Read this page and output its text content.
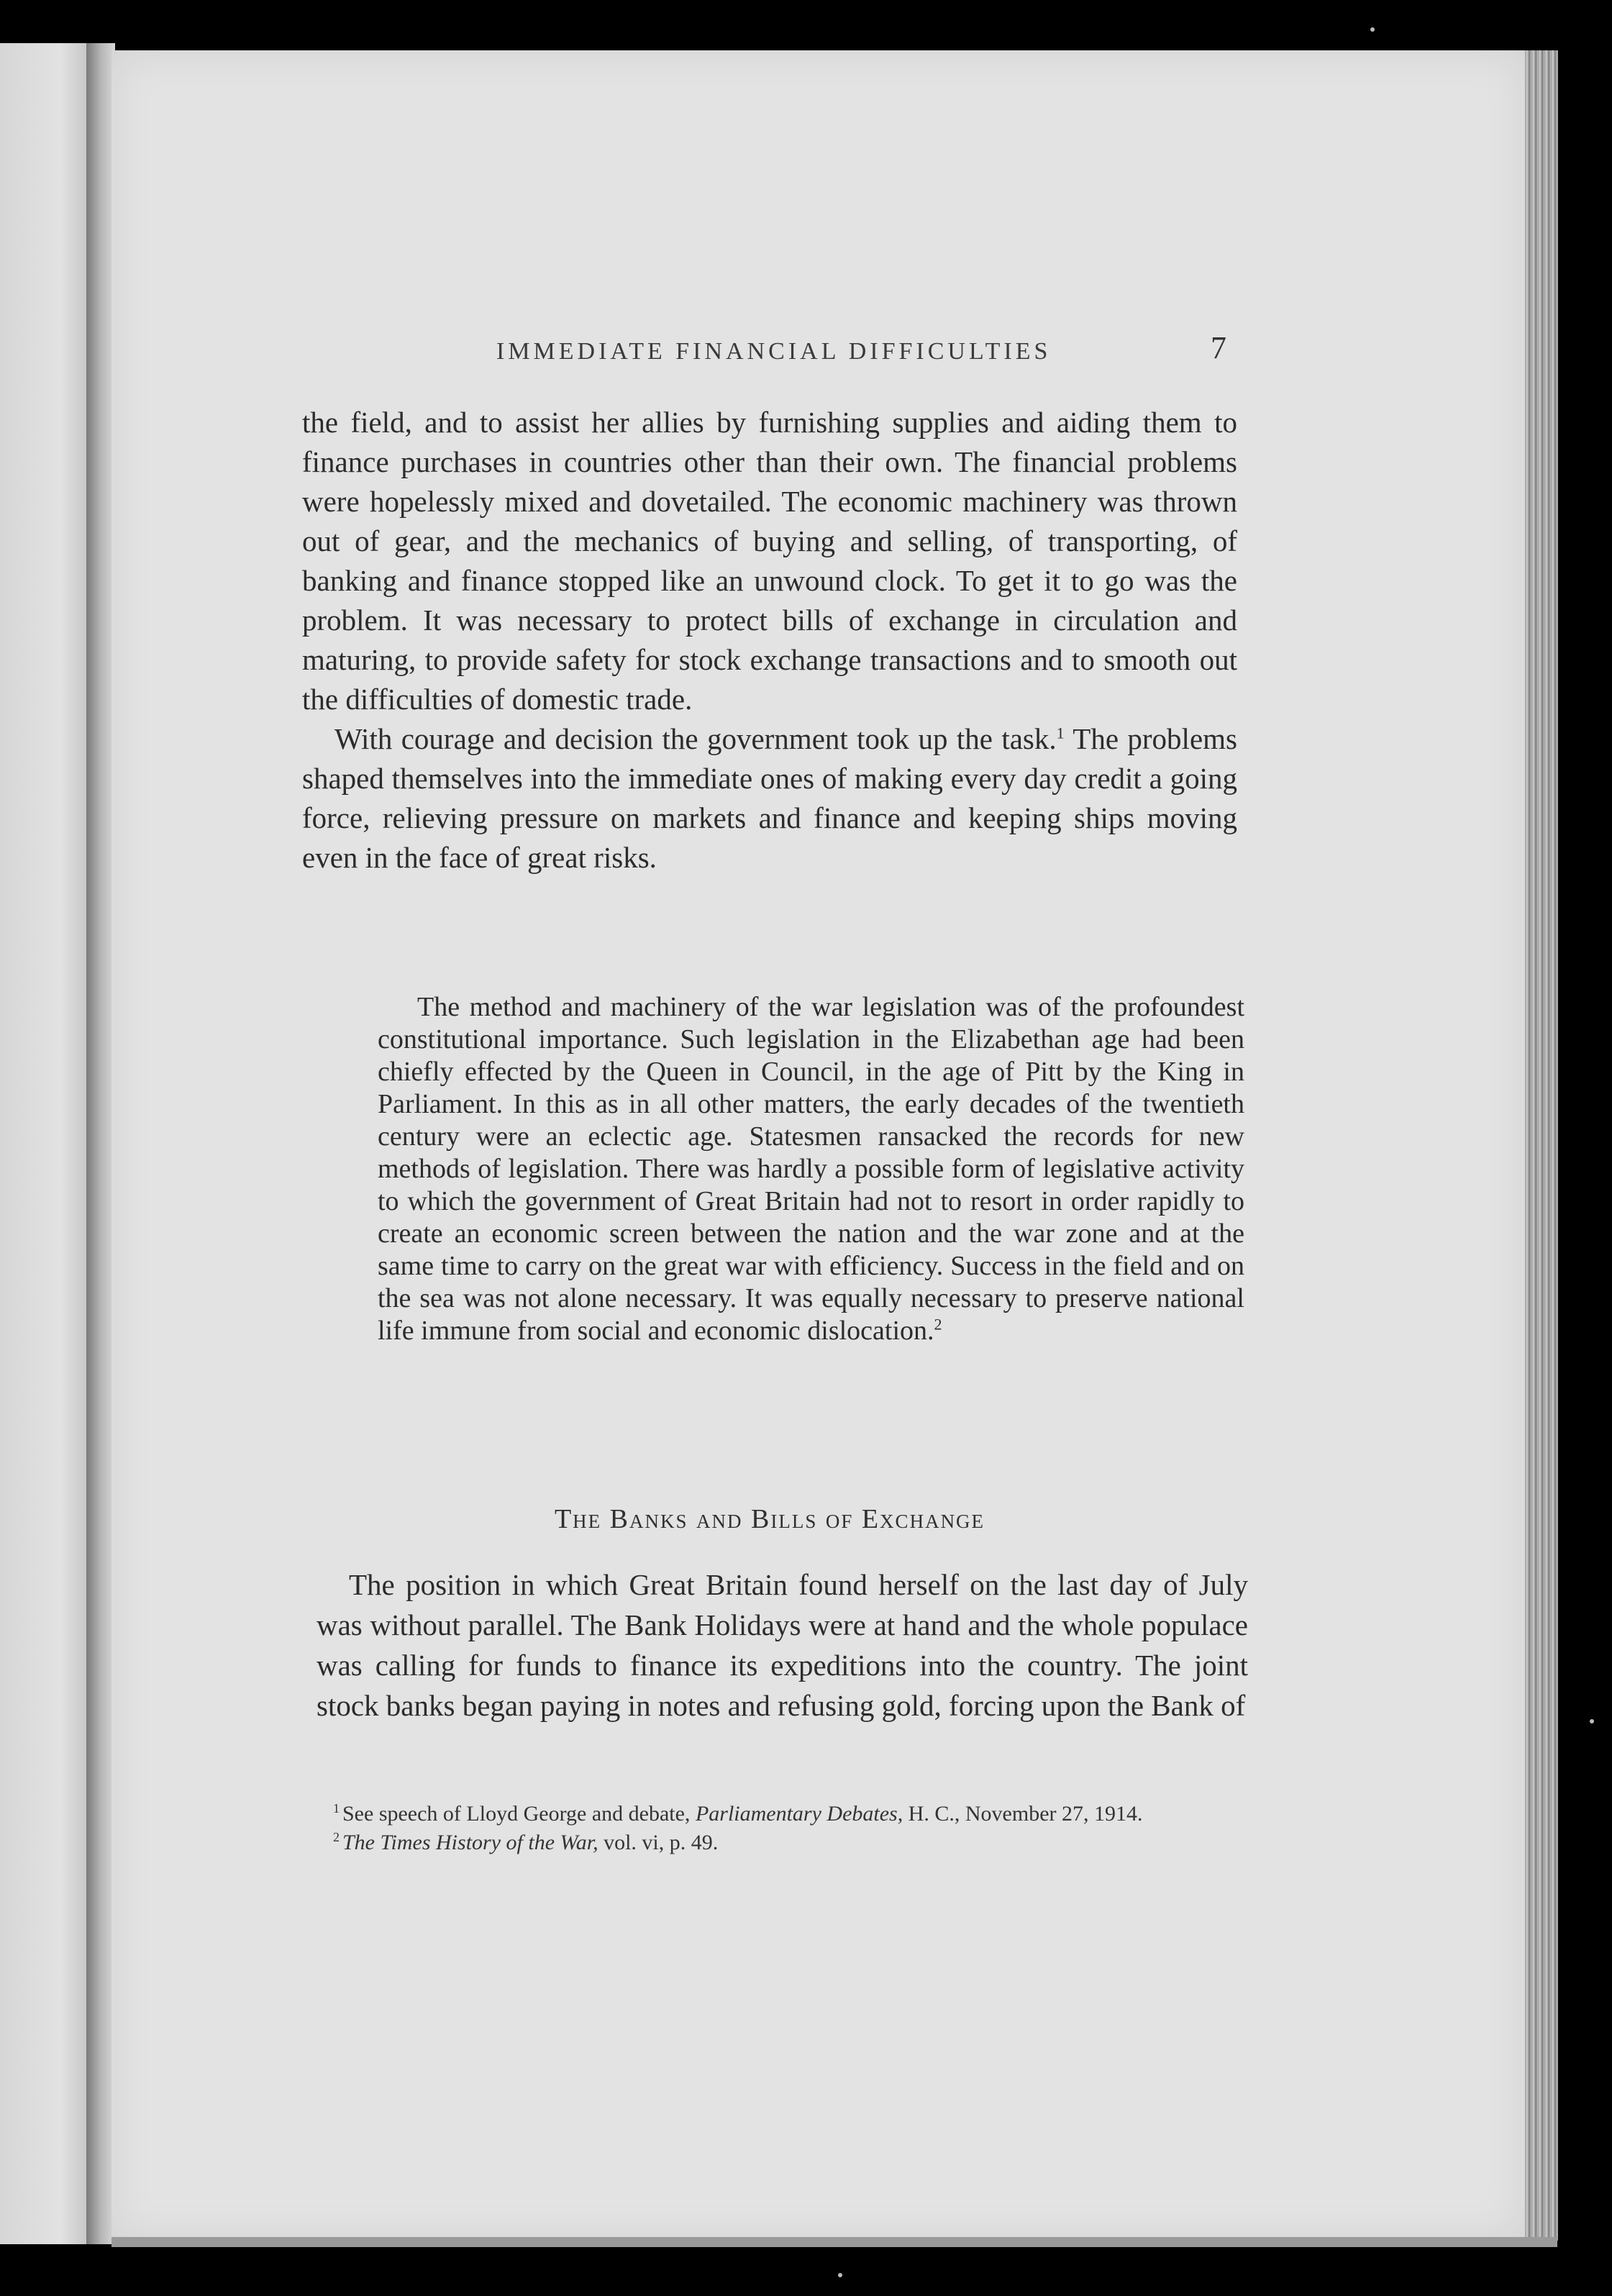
IMMEDIATE FINANCIAL DIFFICULTIES	7

the field, and to assist her allies by furnishing supplies and aiding them to finance purchases in countries other than their own. The financial problems were hopelessly mixed and dovetailed. The economic machinery was thrown out of gear, and the mechanics of buying and selling, of transporting, of banking and finance stopped like an unwound clock. To get it to go was the problem. It was necessary to protect bills of exchange in circulation and maturing, to provide safety for stock exchange transactions and to smooth out the difficulties of domestic trade.

With courage and decision the government took up the task.$^1$ The problems shaped themselves into the immediate ones of making every day credit a going force, relieving pressure on markets and finance and keeping ships moving even in the face of great risks.

The method and machinery of the war legislation was of the profoundest constitutional importance. Such legislation in the Elizabethan age had been chiefly effected by the Queen in Council, in the age of Pitt by the King in Parliament. In this as in all other matters, the early decades of the twentieth century were an eclectic age. Statesmen ransacked the records for new methods of legislation. There was hardly a possible form of legislative activity to which the government of Great Britain had not to resort in order rapidly to create an economic screen between the nation and the war zone and at the same time to carry on the great war with efficiency. Success in the field and on the sea was not alone necessary. It was equally necessary to preserve national life immune from social and economic dislocation.$^2$

The Banks and Bills of Exchange

The position in which Great Britain found herself on the last day of July was without parallel. The Bank Holidays were at hand and the whole populace was calling for funds to finance its expeditions into the country. The joint stock banks began paying in notes and refusing gold, forcing upon the Bank of

$^1$ See speech of Lloyd George and debate, Parliamentary Debates, H. C., November 27, 1914.

$^2$ The Times History of the War, vol. vi, p. 49.
